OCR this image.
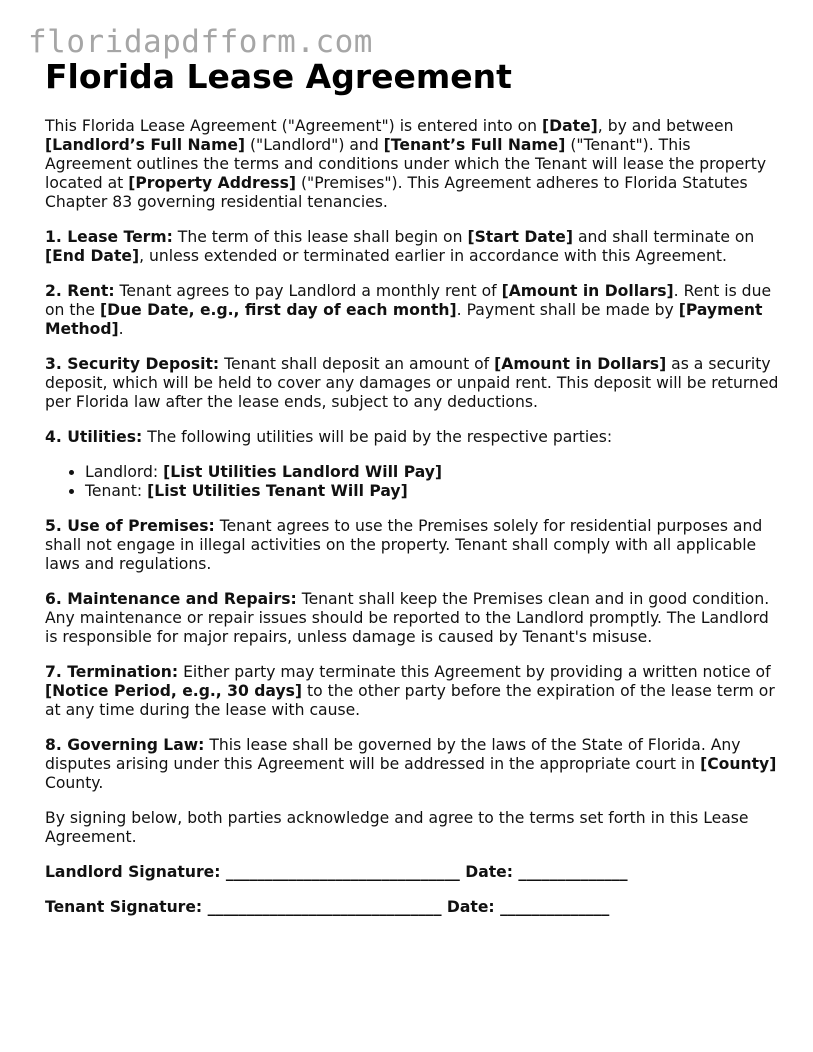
floridapdfform.com
Florida Lease Agreement

This Florida Lease Agreement ("Agreement") is entered into on [Date], by and between [Landlord’s Full Name] ("Landlord") and [Tenant’s Full Name] ("Tenant"). This Agreement outlines the terms and conditions under which the Tenant will lease the property located at [Property Address] ("Premises"). This Agreement adheres to Florida Statutes Chapter 83 governing residential tenancies.

1. Lease Term: The term of this lease shall begin on [Start Date] and shall terminate on [End Date], unless extended or terminated earlier in accordance with this Agreement.

2. Rent: Tenant agrees to pay Landlord a monthly rent of [Amount in Dollars]. Rent is due on the [Due Date, e.g., first day of each month]. Payment shall be made by [Payment Method].

3. Security Deposit: Tenant shall deposit an amount of [Amount in Dollars] as a security deposit, which will be held to cover any damages or unpaid rent. This deposit will be returned per Florida law after the lease ends, subject to any deductions.

4. Utilities: The following utilities will be paid by the respective parties:

• Landlord: [List Utilities Landlord Will Pay]
• Tenant: [List Utilities Tenant Will Pay]

5. Use of Premises: Tenant agrees to use the Premises solely for residential purposes and shall not engage in illegal activities on the property. Tenant shall comply with all applicable laws and regulations.

6. Maintenance and Repairs: Tenant shall keep the Premises clean and in good condition. Any maintenance or repair issues should be reported to the Landlord promptly. The Landlord is responsible for major repairs, unless damage is caused by Tenant's misuse.

7. Termination: Either party may terminate this Agreement by providing a written notice of [Notice Period, e.g., 30 days] to the other party before the expiration of the lease term or at any time during the lease with cause.

8. Governing Law: This lease shall be governed by the laws of the State of Florida. Any disputes arising under this Agreement will be addressed in the appropriate court in [County] County.

By signing below, both parties acknowledge and agree to the terms set forth in this Lease Agreement.

Landlord Signature: ______________________________ Date: ______________

Tenant Signature: ______________________________ Date: ______________
